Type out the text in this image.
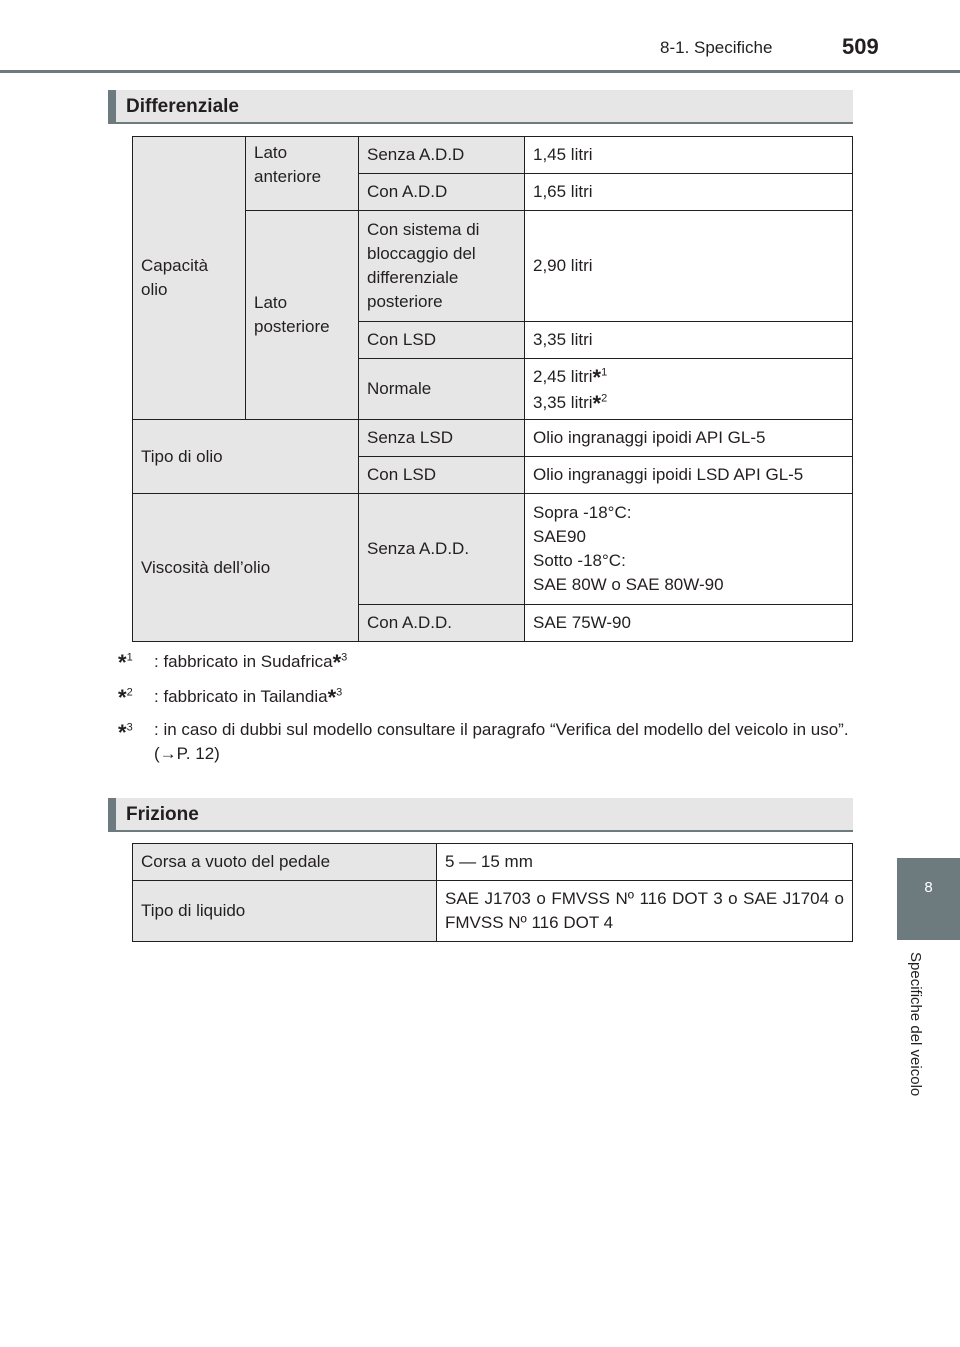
8-1. Specifiche	509
8
Specifiche del veicolo
Differenziale
Capacità olio	Lato anteriore	Senza A.D.D	1,45 litri
		Con A.D.D	1,65 litri
	Lato posteriore	Con sistema di bloccaggio del differenziale posteriore	2,90 litri
		Con LSD	3,35 litri
		Normale	2,45 litri*$^1$
3,35 litri*$^2$
Tipo di olio		Senza LSD	Olio ingranaggi ipoidi API GL-5
		Con LSD	Olio ingranaggi ipoidi LSD API GL-5
Viscosità dell’olio		Senza A.D.D.	Sopra -18°C:
SAE90
Sotto -18°C:
SAE 80W o SAE 80W-90
		Con A.D.D.	SAE 75W-90
*$^1$	: fabbricato in Sudafrica*$^3$
*$^2$	: fabbricato in Tailandia*$^3$
*$^3$	: in caso di dubbi sul modello consultare il paragrafo “Verifica del modello del veicolo in uso”. (→P. 12)
Frizione
Corsa a vuoto del pedale	5 — 15 mm
Tipo di liquido	SAE J1703 o FMVSS Nº 116 DOT 3 o SAE J1704 o FMVSS Nº 116 DOT 4
